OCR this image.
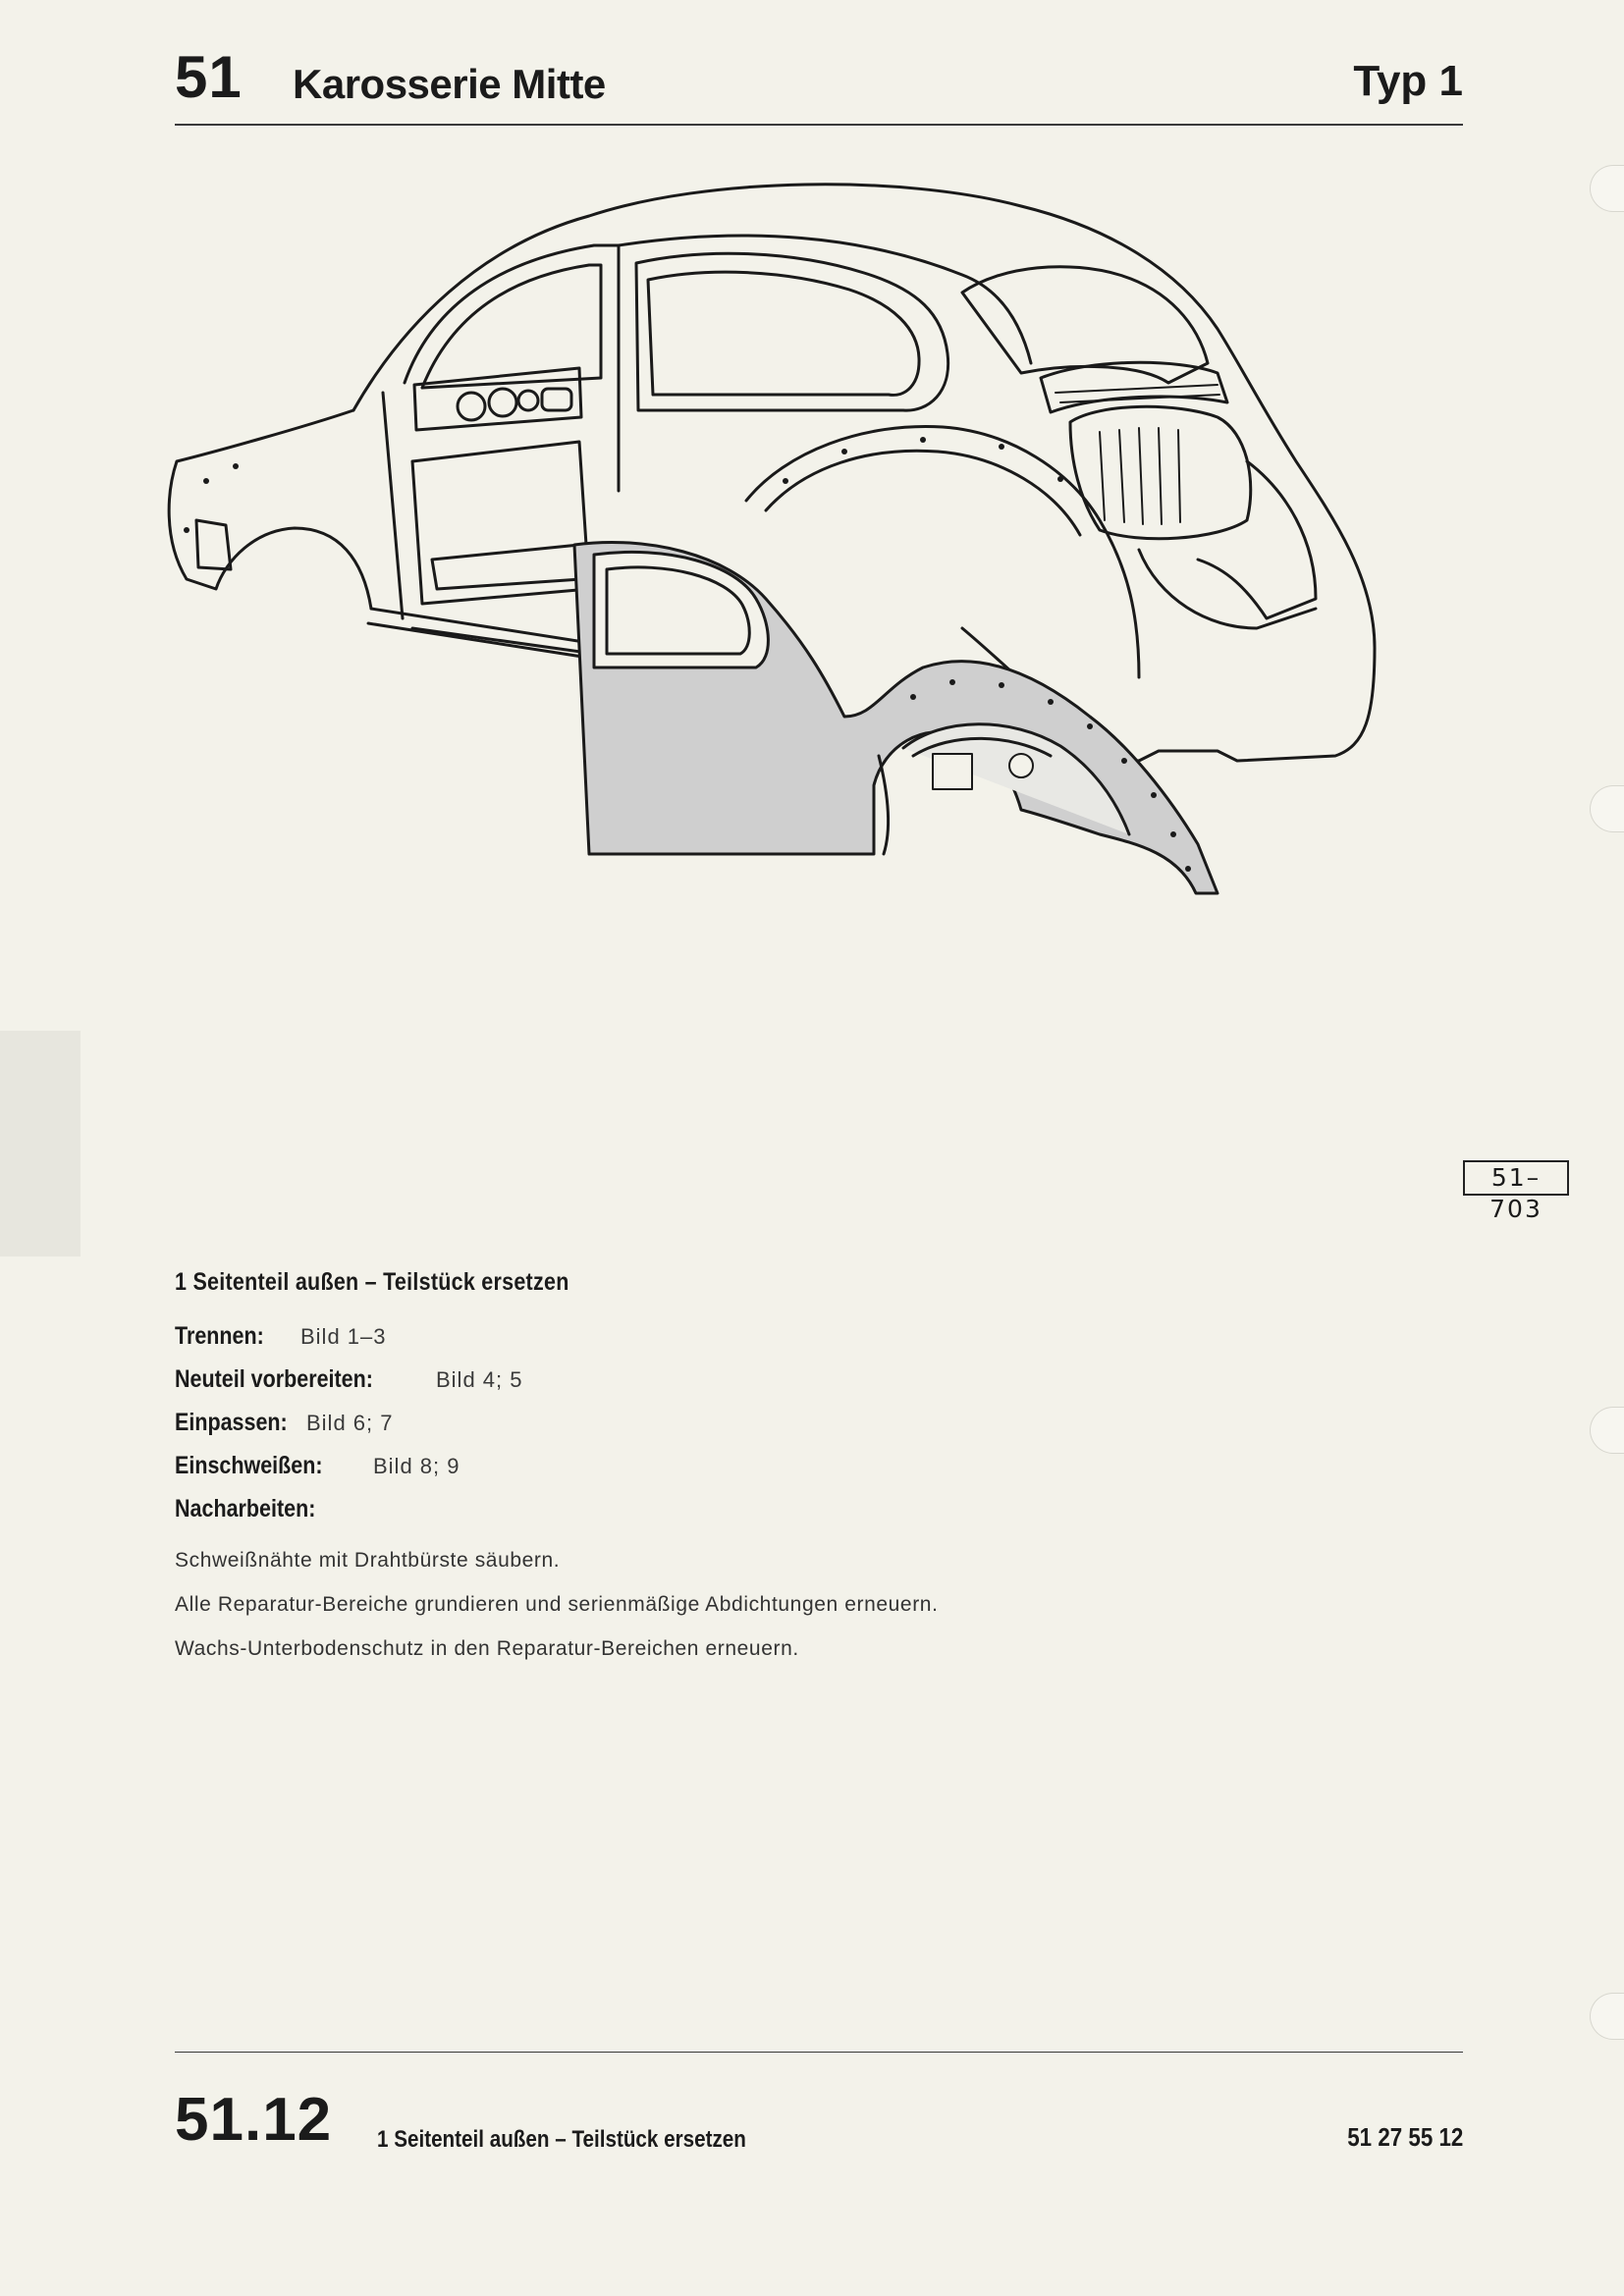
51 Karosserie Mitte	Typ 1
51–703
1 Seitenteil außen – Teilstück ersetzen
Trennen:	Bild 1–3
Neuteil vorbereiten:	Bild 4; 5
Einpassen: Bild 6; 7
Einschweißen:	Bild 8; 9
Nacharbeiten:
Schweißnähte mit Drahtbürste säubern.
Alle Reparatur-Bereiche grundieren und serienmäßige Abdichtungen erneuern.
Wachs-Unterbodenschutz in den Reparatur-Bereichen erneuern.
51.12 1 Seitenteil außen – Teilstück ersetzen	51 27 55 12
